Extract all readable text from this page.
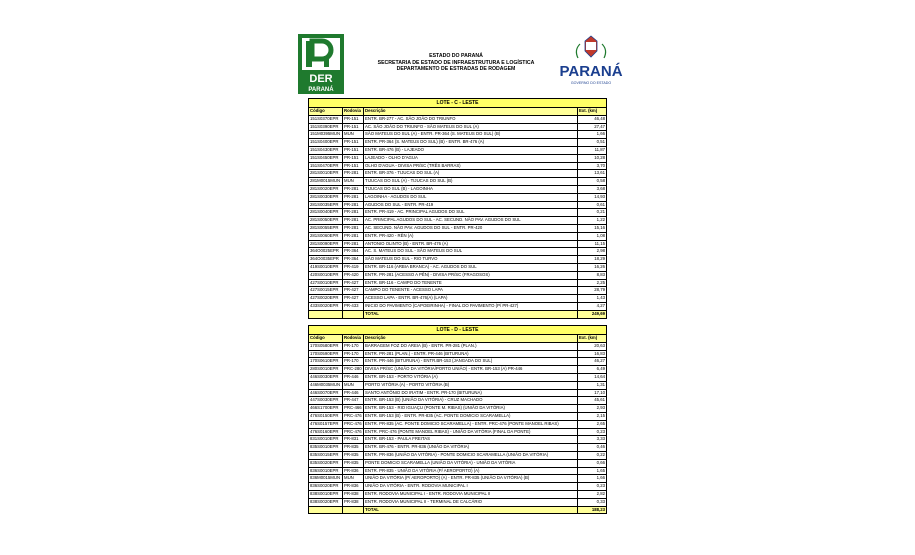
DER
PARANÁ
ESTADO DO PARANÁ
SECRETARIA DE ESTADO DE INFRAESTRUTURA E LOGÍSTICA
DEPARTAMENTO DE ESTRADAS DE RODAGEM	PARANÁ
GOVERNO DO ESTADO
LOTE - C - LESTE			
Código	Rodovia	Descrição	Ext. (km)
151S0370EPR	PR-151	ENTR. BR-277 - AC. SÃO JOÃO DO TRIUNFO	46,48
151S0390EPR	PR-151	AC. SÃO JOÃO DO TRIUNFO - SÃO MATEUS DO SUL (A)	27,47
151M0395MUN	MUN	SÃO MATEUS DO SUL (A) - ENTR. PR-364 (S. MATEUS DO SUL) (B)	1,66
151S0400EPR	PR-151	ENTR. PR-364 (S. MATEUS DO SUL) (B) - ENTR. BR-476 (A)	0,51
151S0430EPR	PR-151	ENTR. BR-476 (B) - LAJEADO	11,87
151S0450EPR	PR-151	LAJEADO - OLHO D'AGUA	10,28
151S0470EPR	PR-151	OLHO D'AGUA - DIVISA PR/SC (TRÊS BARRAS)	3,70
281S0010EPR	PR-281	ENTR. BR-376 - TIJUCAS DO SUL (A)	13,61
281M0015MUN	MUN	TIJUCAS DO SUL (A) - TIJUCAS DO SUL (B)	0,58
281S0020EPR	PR-281	TIJUCAS DO SUL (B) - LAGOINHA	3,68
281S0030EPR	PR-281	LAGOINHA - AGUDOS DO SUL	14,93
281S0035EPR	PR-281	AGUDOS DO SUL - ENTR. PR-419	0,61
281S0040EPR	PR-281	ENTR. PR-419 - AC. PRINCIPAL AGUDOS DO SUL	0,21
281S0050EPR	PR-281	AC. PRINCIPAL AGUDOS DO SUL - AC. SECUND. NÃO PAV. AGUDOS DO SUL	1,22
281S0055EPR	PR-281	AC. SECUND. NÃO PAV. AGUDOS DO SUL - ENTR. PR-420	15,16
281S0060EPR	PR-281	ENTR. PR-420 - RÊN (A)	1,08
281S0090EPR	PR-281	ANTONIO OLINTO (B) - ENTR. BR-476 (A)	11,15
364O0025EPR	PR-364	AC. S. MATEUS DO SUL - SÃO MATEUS DO SUL	2,98
364O0035EPR	PR-364	SÃO MATEUS DO SUL - RIO TURVO	18,29
419S0010EPR	PR-419	ENTR. BR-116 (ARBIA BRANCA) - AC. AGUDOS DO SUL	16,26
420S0010EPR	PR-420	ENTR. PR-281 (ACESSO A PÊN) - DIVISA PR/SC (FRAGOSOS)	8,83
427S0010EPR	PR-427	ENTR. BR-116 - CAMPO DO TENENTE	2,25
427S0015EPR	PR-427	CAMPO DO TENENTE - ACESSO LAPA	28,79
427S0020EPR	PR-427	ACESSO LAPA - ENTR. BR-476(A) (LAPA)	1,43
433S0020EPR	PR-433	INICIO DO PAVIMENTO (CAPOEIRINHA) - FINAL DO PAVIMENTO (P/ PR-427)	4,27
		TOTAL	249,69
LOTE - D - LESTE			
Código	Rodovia	Descrição	Ext. (km)
170S0580EPR	PR-170	BARRAGEM FOZ DO AREIA (B) - ENTR. PR-281 (PLAN.)	20,63
170S0590EPR	PR-170	ENTR. PR-281 (PLAN.) - ENTR. PR-446 (BITURUNA)	16,83
170S0610EPR	PR-170	ENTR. PR-446 (BITURUNA) - ENTR.BR-153 (JANGADA DO SUL)	46,27
280S0010EPR	PRC-280	DIVISA PR/SC (UNIÃO DA VITÓRIA/PORTO UNIÃO) - ENTR. BR-153 (A) PR-446	6,49
446S0030EPR	PR-446	ENTR. BR-153 - PORTO VITÓRIA (A)	14,64
446M0035MUN	MUN	PORTO VITÓRIA (A) - PORTO VITÓRIA (B)	1,31
446S0070EPR	PR-446	SANTO ANTÔNIO DO IRATIM - ENTR. PR-170 (BITURUNA)	17,10
447S0030EPR	PR-447	ENTR. BR-153 (B) (UNIÃO DA VITÓRIA) - CRUZ MACHADO	45,61
466S1700EPR	PRC-466	ENTR. BR-153 - RIO IGUAÇU (PONTE M. RIBAS) (UNIÃO DA VITÓRIA)	2,93
476S0150EPR	PRC-476	ENTR. BR-153 (B) - ENTR. PR-835 (AC. PONTE DOMICIO SCARAMELLA)	2,15
476S0157EPR	PRC-476	ENTR. PR-835 (AC. PONTE DOMICIO SCARAMELLA) - ENTR. PRC-476 (PONTE MANOEL RIBAS)	2,65
476S0160EPR	PRC-476	ENTR. PRC-476 (PONTE MANOEL RIBAS) - UNIÃO DA VITÓRIA (FINAL DA PONTE)	0,23
831S0010EPR	PR-831	ENTR. BR-153 - PAULA FREITAS	3,33
835S0010EPR	PR-835	ENTR. BR-476 - ENTR. PR-836 (UNIÃO DA VITÓRIA)	0,46
835S0015EPR	PR-835	ENTR. PR-836 (UNIÃO DA VITÓRIA) - PONTE DOMICIO SCARAMELLA (UNIÃO DA VITÓRIA)	0,22
835S0020EPR	PR-835	PONTE DOMICIO SCARAMELLA (UNIÃO DA VITÓRIA) - UNIÃO DA VITÓRIA	0,66
836S0010EPR	PR-836	ENTR. PR-835 - UNIÃO DA VITÓRIA (P/ AEROPORTO) (A)	1,65
836M0015MUN	MUN	UNIÃO DA VITÓRIA (P/ AEROPORTO) (A) - ENTR. PR-835 (UNIÃO DA VITÓRIA) (B)	1,66
836S0020EPR	PR-836	UNIÃO DA VITÓRIA - ENTR. RODOVIA MUNICIPAL I	0,23
838S0010EPR	PR-838	ENTR. RODOVIA MUNICIPAL I - ENTR. RODOVIA MUNICIPAL II	2,82
838S0020EPR	PR-838	ENTR. RODOVIA MUNICIPAL II - TERMINAL DE CALCÁRIO	0,33
		TOTAL	188,23
